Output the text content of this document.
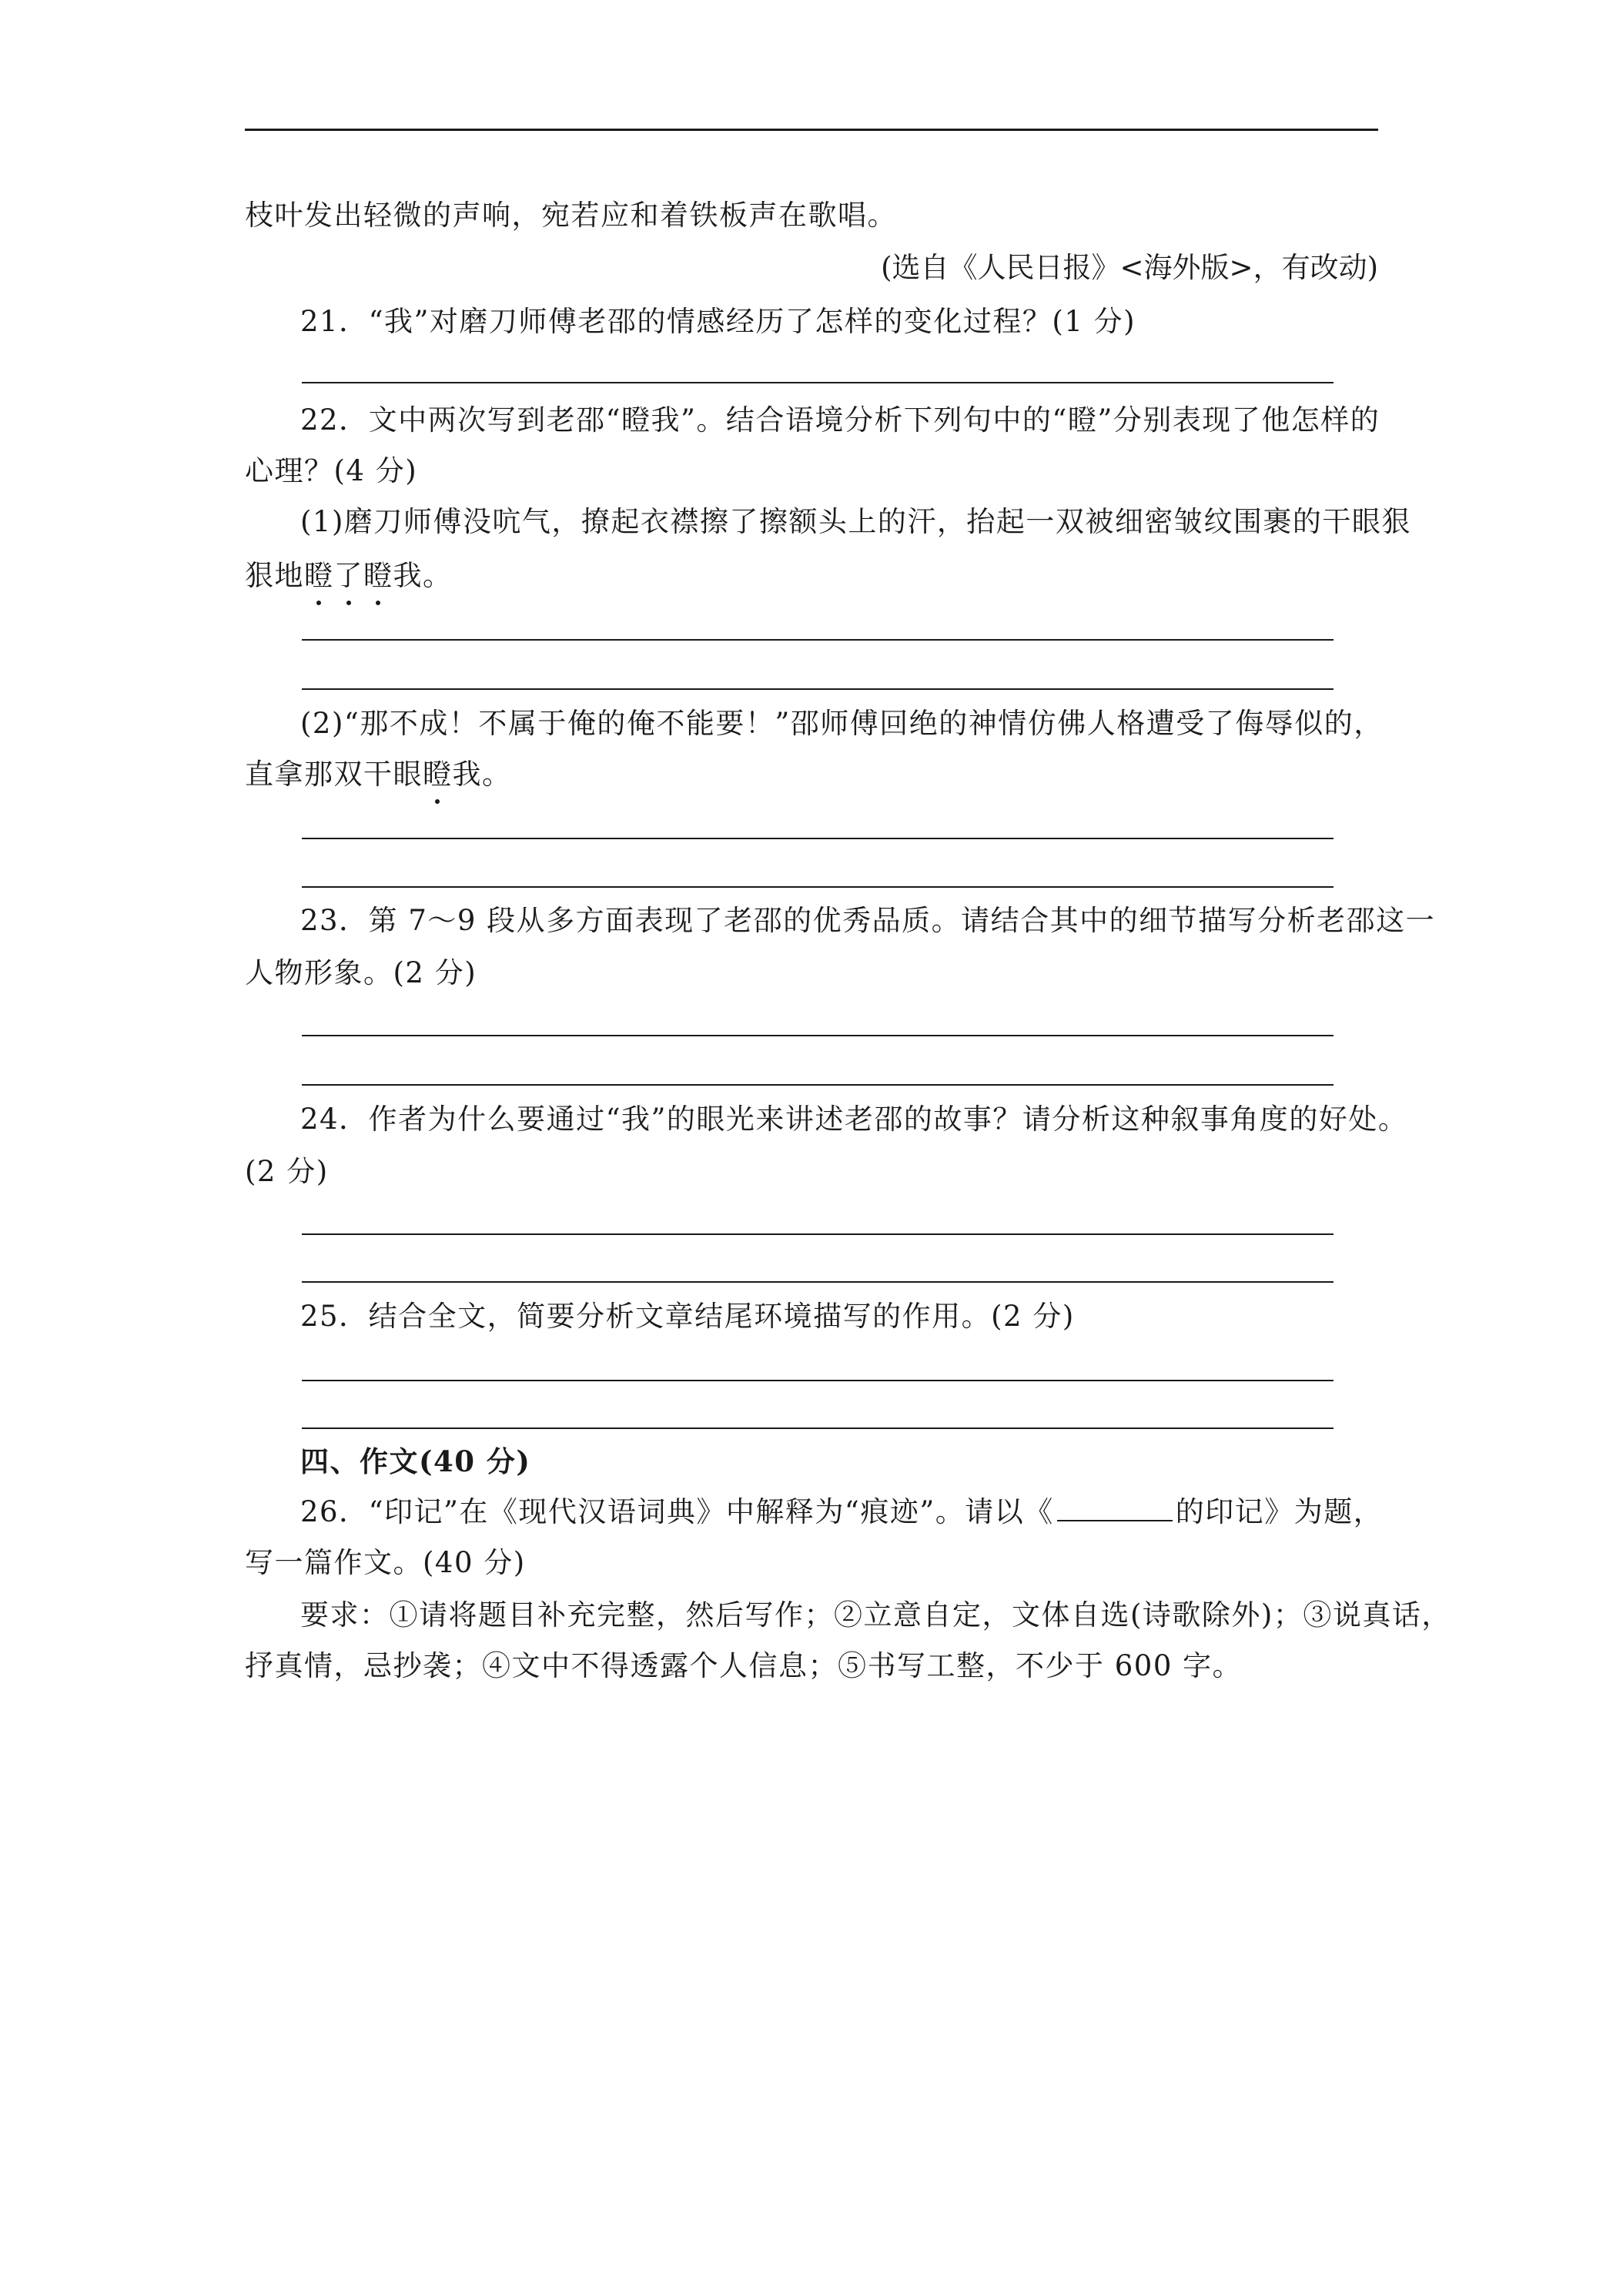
枝叶发出轻微的声响，宛若应和着铁板声在歌唱。
(选自《人民日报》<海外版>，有改动)
21．“我”对磨刀师傅老邵的情感经历了怎样的变化过程？(1 分)
22．文中两次写到老邵“瞪我”。结合语境分析下列句中的“瞪”分别表现了他怎样的
心理？(4 分)
(1)磨刀师傅没吭气，撩起衣襟擦了擦额头上的汗，抬起一双被细密皱纹围裹的干眼狠
狠地瞪了瞪我。
(2)“那不成！不属于俺的俺不能要！”邵师傅回绝的神情仿佛人格遭受了侮辱似的，
直拿那双干眼瞪我。
23．第 7～9 段从多方面表现了老邵的优秀品质。请结合其中的细节描写分析老邵这一
人物形象。(2 分)
24．作者为什么要通过“我”的眼光来讲述老邵的故事？请分析这种叙事角度的好处。
(2 分)
25．结合全文，简要分析文章结尾环境描写的作用。(2 分)
四、作文(40 分)
26．“印记”在《现代汉语词典》中解释为“痕迹”。请以《	的印记》为题，
写一篇作文。(40 分)
要求：①请将题目补充完整，然后写作；②立意自定，文体自选(诗歌除外)；③说真话，
抒真情，忌抄袭；④文中不得透露个人信息；⑤书写工整，不少于 600 字。
